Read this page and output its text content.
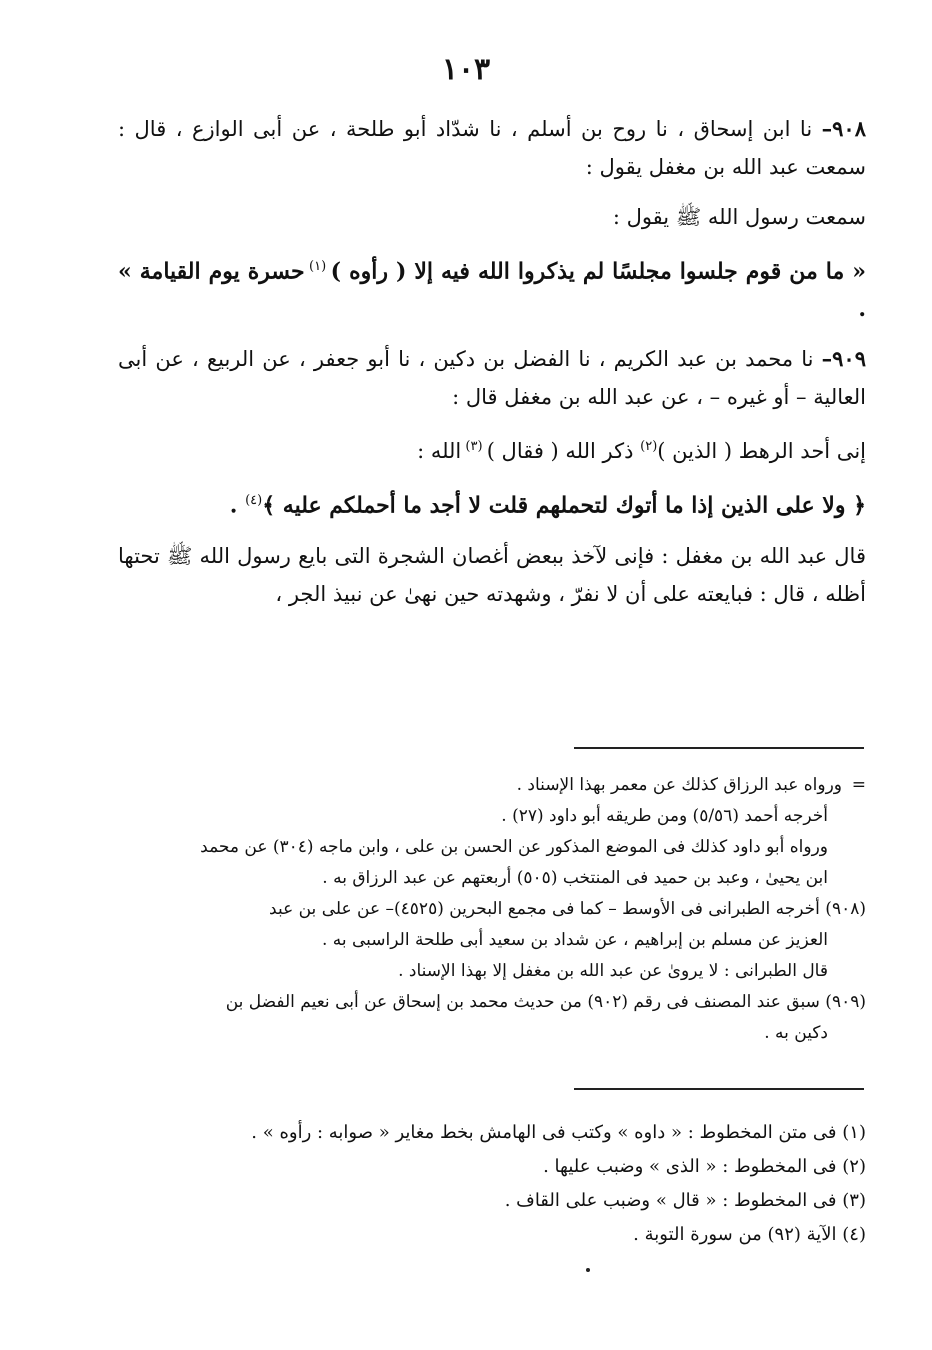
١٠٣

٩٠٨– نا ابن إسحاق ، نا روح بن أسلم ، نا شدّاد أبو طلحة ، عن أبى الوازع ، قال : سمعت عبد الله بن مغفل يقول :

سمعت رسول الله ﷺ يقول :

« ما من قوم جلسوا مجلسًا لم يذكروا الله فيه إلا ( رأوه ) $^{(١)}$ حسرة يوم القيامة » .

٩٠٩– نا محمد بن عبد الكريم ، نا الفضل بن دكين ، نا أبو جعفر ، عن الربيع ، عن أبى العالية – أو غيره – ، عن عبد الله بن مغفل قال :

إنى أحد الرهط ( الذين )$^{(٢)}$ ذكر الله ( فقال ) $^{(٣)}$ الله :

﴿ ولا على الذين إذا ما أتوك لتحملهم قلت لا أجد ما أحملكم عليه ﴾$^{(٤)}$ .

قال عبد الله بن مغفل : فإنى لآخذ ببعض أغصان الشجرة التى بايع رسول الله ﷺ تحتها أظله ، قال : فبايعته على أن لا نفرّ ، وشهدته حين نهىٰ عن نبيذ الجر ،

=ورواه عبد الرزاق كذلك عن معمر بهذا الإسناد .

أخرجه أحمد (٥/٥٦) ومن طريقه أبو داود (٢٧) .

ورواه أبو داود كذلك فى الموضع المذكور عن الحسن بن على ، وابن ماجه (٣٠٤) عن محمد

ابن يحيىٰ ، وعبد بن حميد فى المنتخب (٥٠٥) أربعتهم عن عبد الرزاق به .

(٩٠٨) أخرجه الطبرانى فى الأوسط – كما فى مجمع البحرين (٤٥٢٥)– عن على بن عبد

العزيز عن مسلم بن إبراهيم ، عن شداد بن سعيد أبى طلحة الراسبى به .

قال الطبرانى : لا يروىٰ عن عبد الله بن مغفل إلا بهذا الإسناد .

(٩٠٩) سبق عند المصنف فى رقم (٩٠٢) من حديث محمد بن إسحاق عن أبى نعيم الفضل بن

دكين به .

(١) فى متن المخطوط : « داوه » وكتب فى الهامش بخط مغاير « صوابه : رأوه » .

(٢) فى المخطوط : « الذى » وضبب عليها .

(٣) فى المخطوط : « قال » وضبب على القاف .

(٤) الآية (٩٢) من سورة التوبة .
